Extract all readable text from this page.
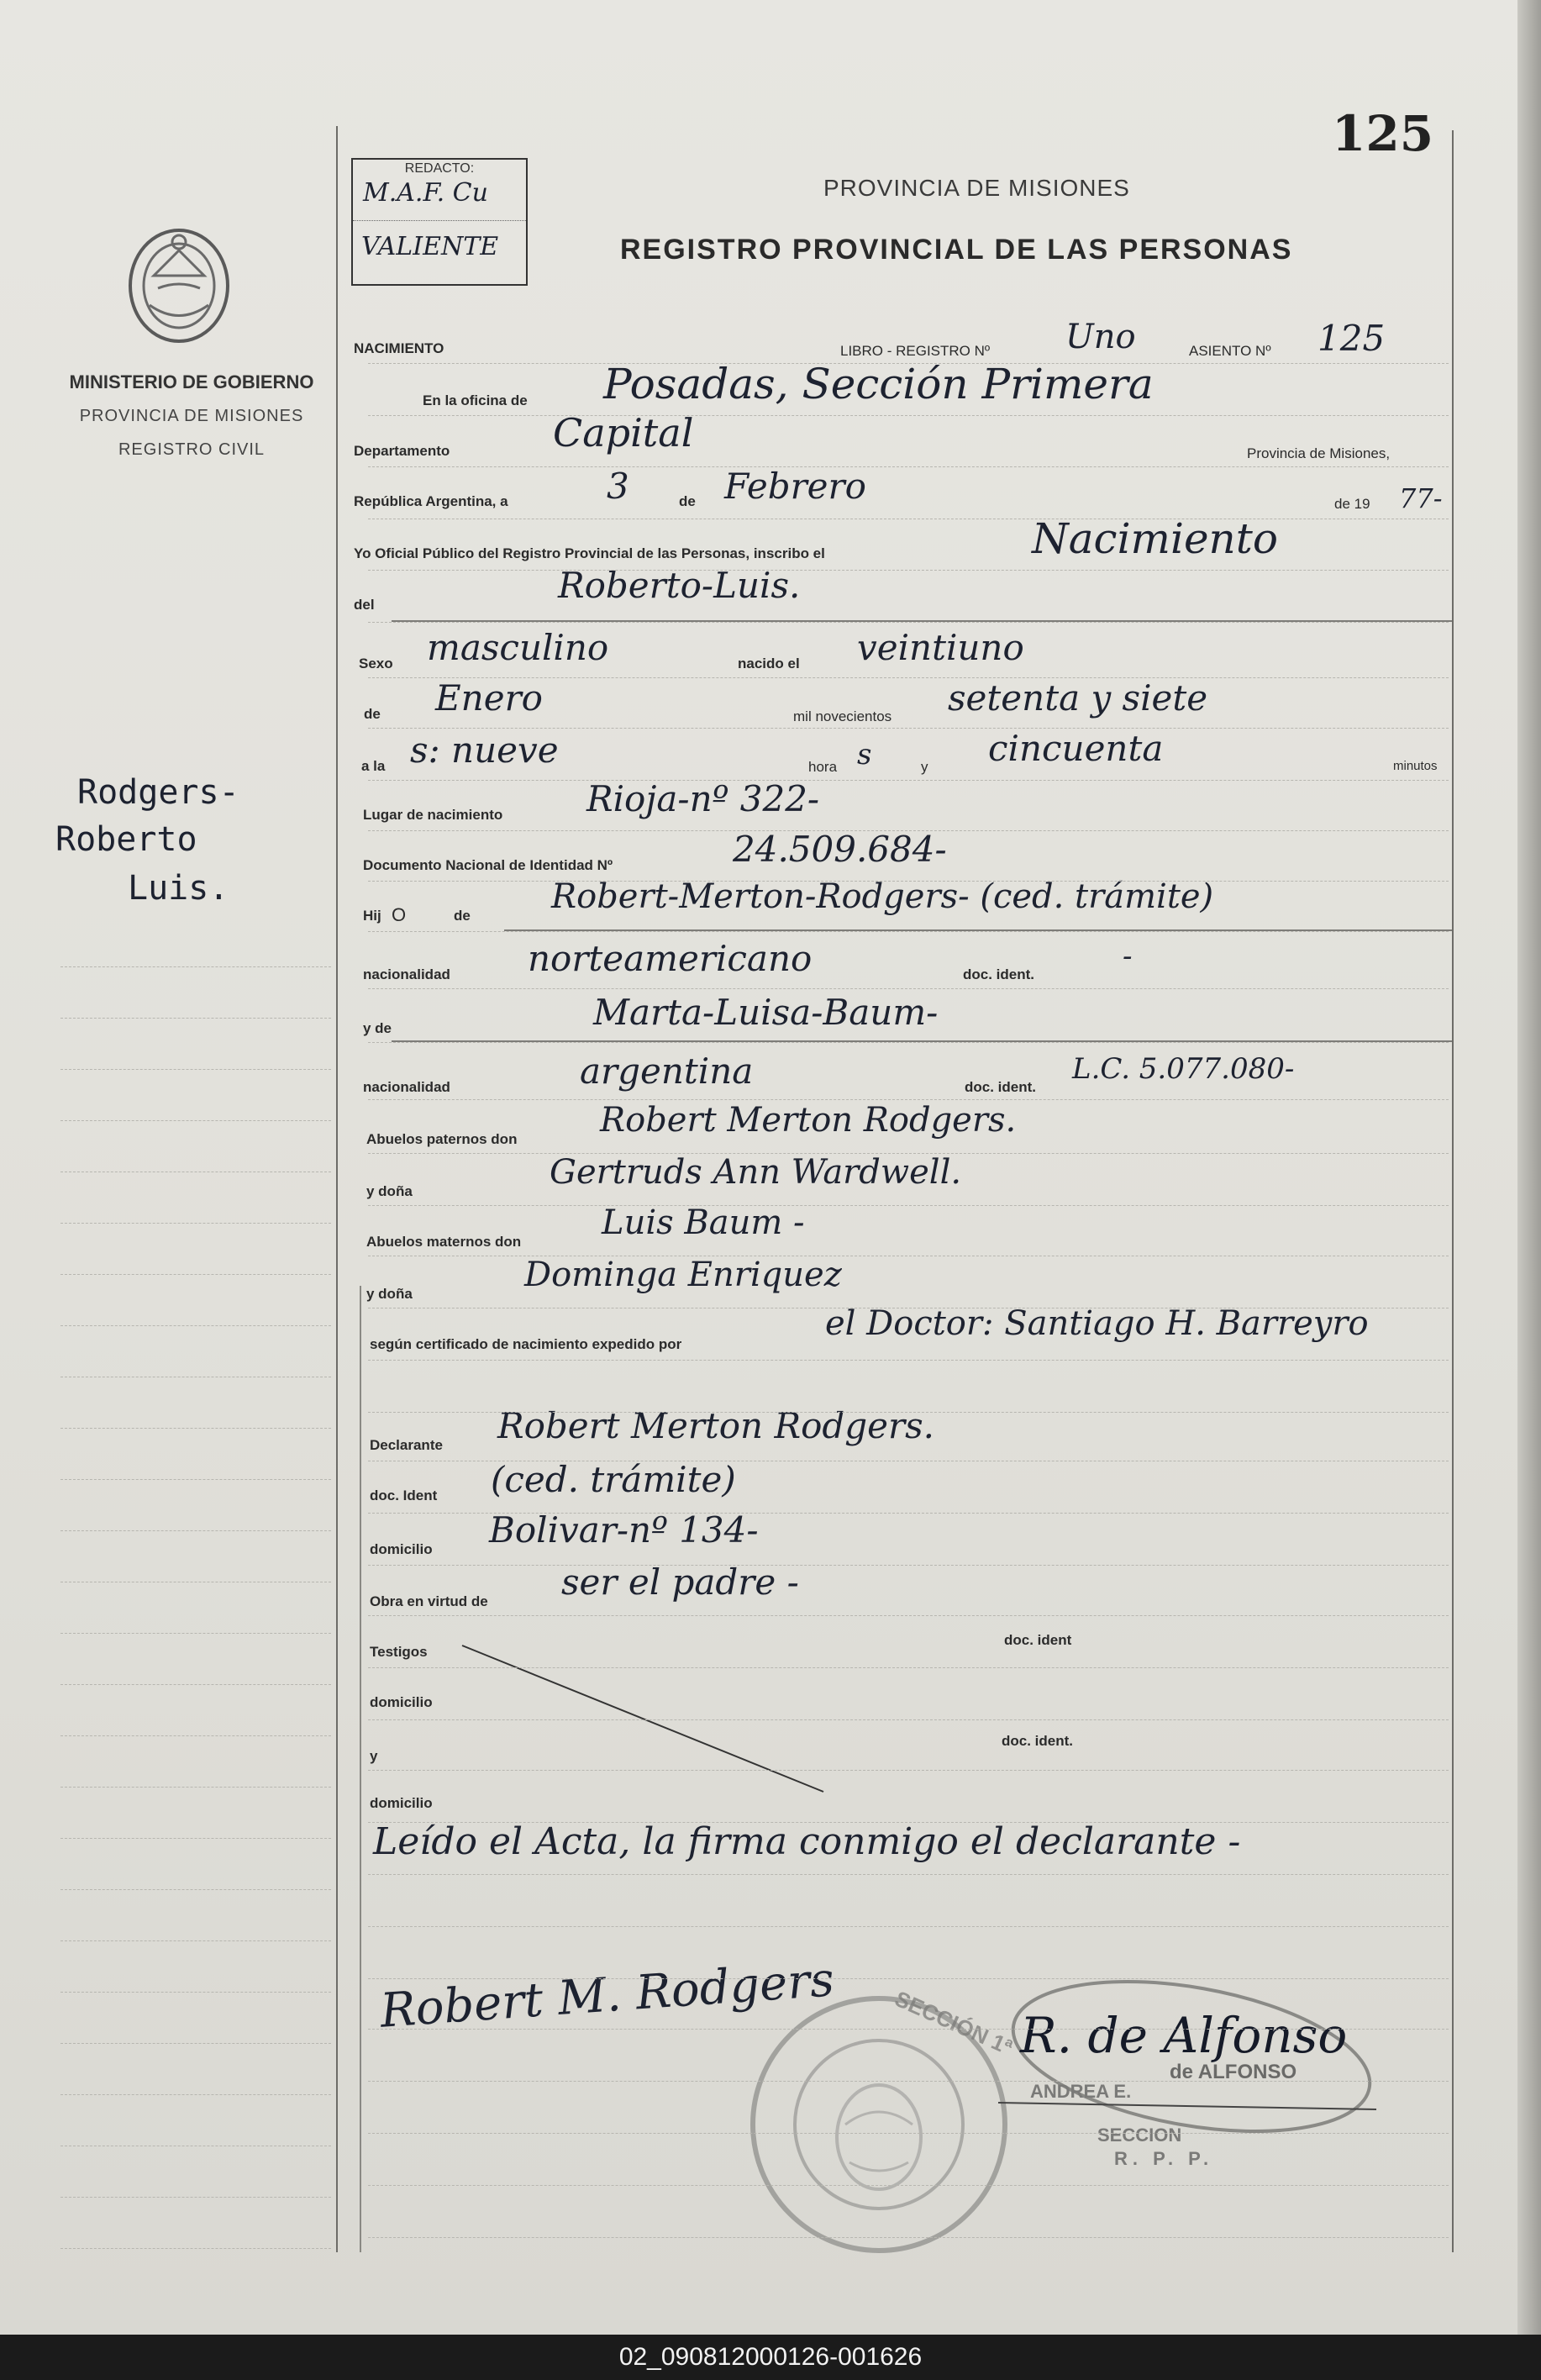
125
REDACTO:
M.A.F. Cu
VALIENTE
PROVINCIA DE MISIONES
REGISTRO PROVINCIAL DE LAS PERSONAS
MINISTERIO DE GOBIERNO
PROVINCIA DE MISIONES
REGISTRO CIVIL
Rodgers-
Roberto
Luis.
NACIMIENTO	LIBRO - REGISTRO Nº Uno	ASIENTO Nº 125
En la oficina de Posadas, Sección Primera
Departamento	Capital	Provincia de Misiones,
República Argentina, a	3	de Febrero	de 19 77-
Yo Oficial Público del Registro Provincial de las Personas, inscribo el	Nacimiento
del	Roberto-Luis.
Sexo masculino	nacido el veintiuno
de Enero	mil novecientos setenta y siete
a la s: nueve	hora s	y cincuenta	minutos
Lugar de nacimiento Rioja-nº 322-
Documento Nacional de Identidad Nº	24.509.684-
Hij O	de Robert-Merton-Rodgers- (ced. trámite)
nacionalidad norteamericano	doc. ident.
-
y de	Marta-Luisa-Baum-
nacionalidad	argentina	doc. ident.
L.C. 5.077.080-
Abuelos paternos don Robert Merton Rodgers.
y doña	Gertruds Ann Wardwell.
Abuelos maternos don Luis Baum -
y doña	Dominga Enriquez
según certificado de nacimiento expedido por
el Doctor: Santiago H. Barreyro
Declarante Robert Merton Rodgers.
doc. Ident (ced. trámite)
domicilio Bolivar-nº 134-
Obra en virtud de ser el padre -
Testigos
doc. ident
domicilio
y
doc. ident.
domicilio
Leído el Acta, la firma conmigo el declarante -
Robert M. Rodgers	SECCIÓN 1ª R. de Alfonso
de ALFONSO
ANDREA E.
SECCION
R. P. P.
02_090812000126-001626
